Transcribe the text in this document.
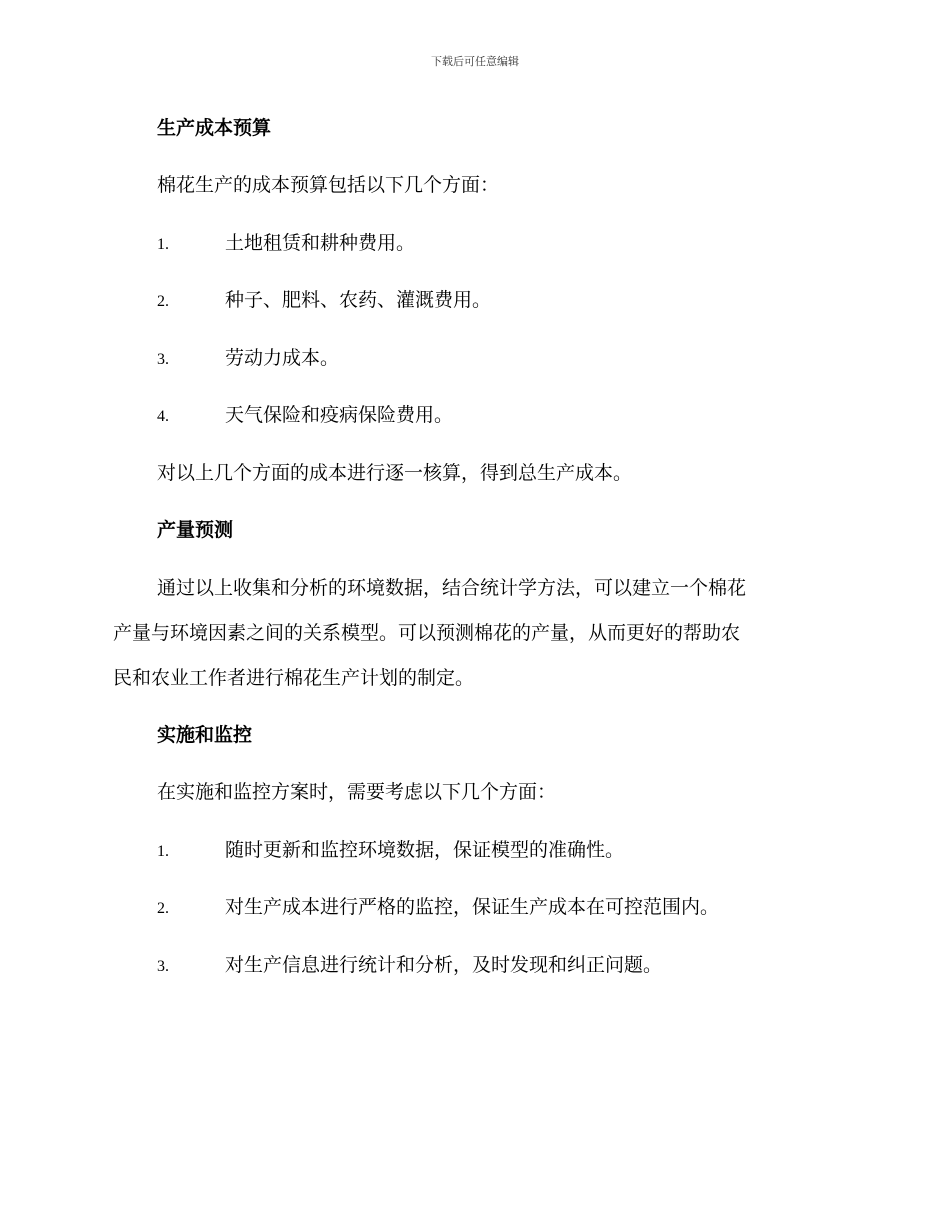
下载后可任意编辑
生产成本预算
棉花生产的成本预算包括以下几个方面：
1.	土地租赁和耕种费用。
2.	种子、肥料、农药、灌溉费用。
3.	劳动力成本。
4.	天气保险和疫病保险费用。
对以上几个方面的成本进行逐一核算，得到总生产成本。
产量预测
通过以上收集和分析的环境数据，结合统计学方法，可以建立一个棉花
产量与环境因素之间的关系模型。可以预测棉花的产量，从而更好的帮助农
民和农业工作者进行棉花生产计划的制定。
实施和监控
在实施和监控方案时，需要考虑以下几个方面：
1.	随时更新和监控环境数据，保证模型的准确性。
2.	对生产成本进行严格的监控，保证生产成本在可控范围内。
3.	对生产信息进行统计和分析，及时发现和纠正问题。
